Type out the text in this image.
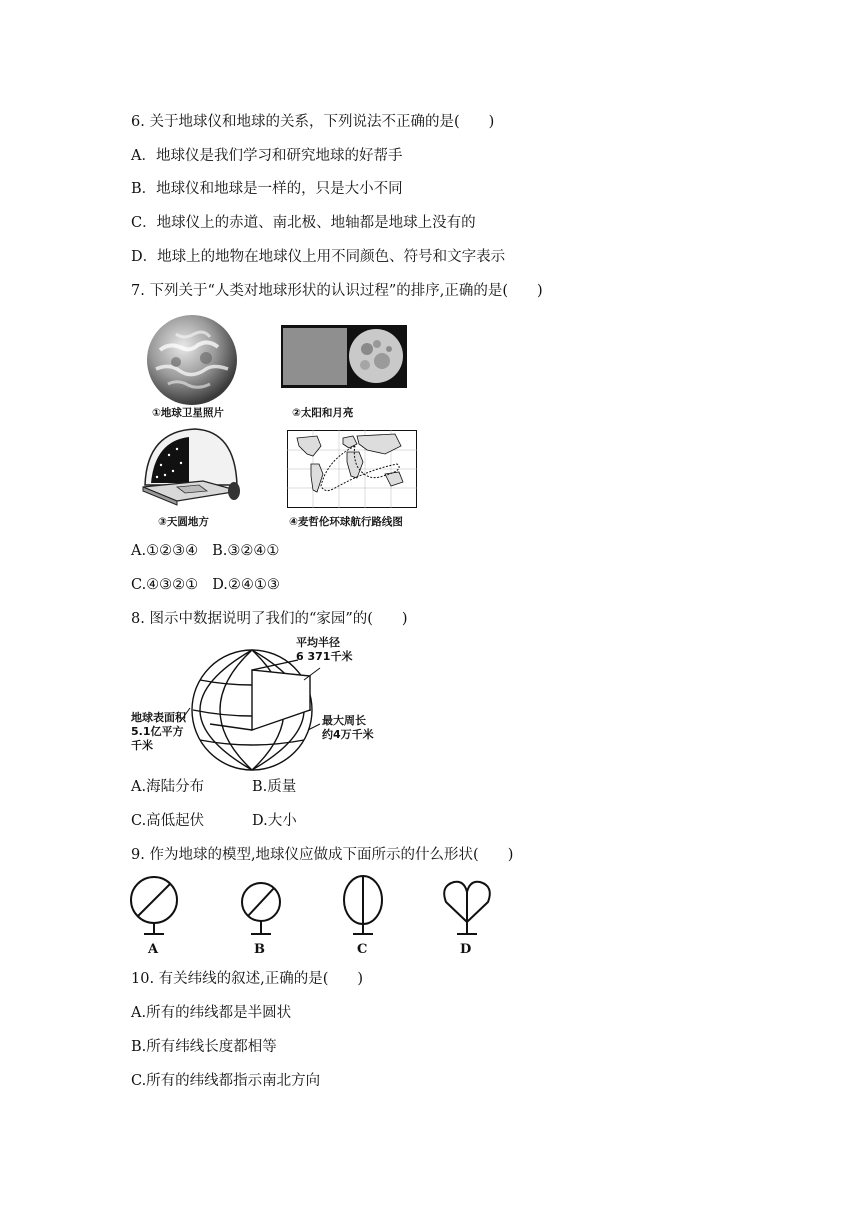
6. 关于地球仪和地球的关系，下列说法不正确的是(　　)
A．地球仪是我们学习和研究地球的好帮手
B．地球仪和地球是一样的，只是大小不同
C．地球仪上的赤道、南北极、地轴都是地球上没有的
D．地球上的地物在地球仪上用不同颜色、符号和文字表示
7. 下列关于“人类对地球形状的认识过程”的排序,正确的是(　　)
①地球卫星照片	②太阳和月亮
③天圆地方	④麦哲伦环球航行路线图
A.①②③④ B.③②④①
C.④③②① D.②④①③
8. 图示中数据说明了我们的“家园”的(　　)
平均半径
6 371千米
地球表面积
5.1亿平方
千米
最大周长
约4万千米
A.海陆分布	B.质量
C.高低起伏	D.大小
9. 作为地球的模型,地球仪应做成下面所示的什么形状(　　)
A	B	C	D
10. 有关纬线的叙述,正确的是(　　)
A.所有的纬线都是半圆状
B.所有纬线长度都相等
C.所有的纬线都指示南北方向
